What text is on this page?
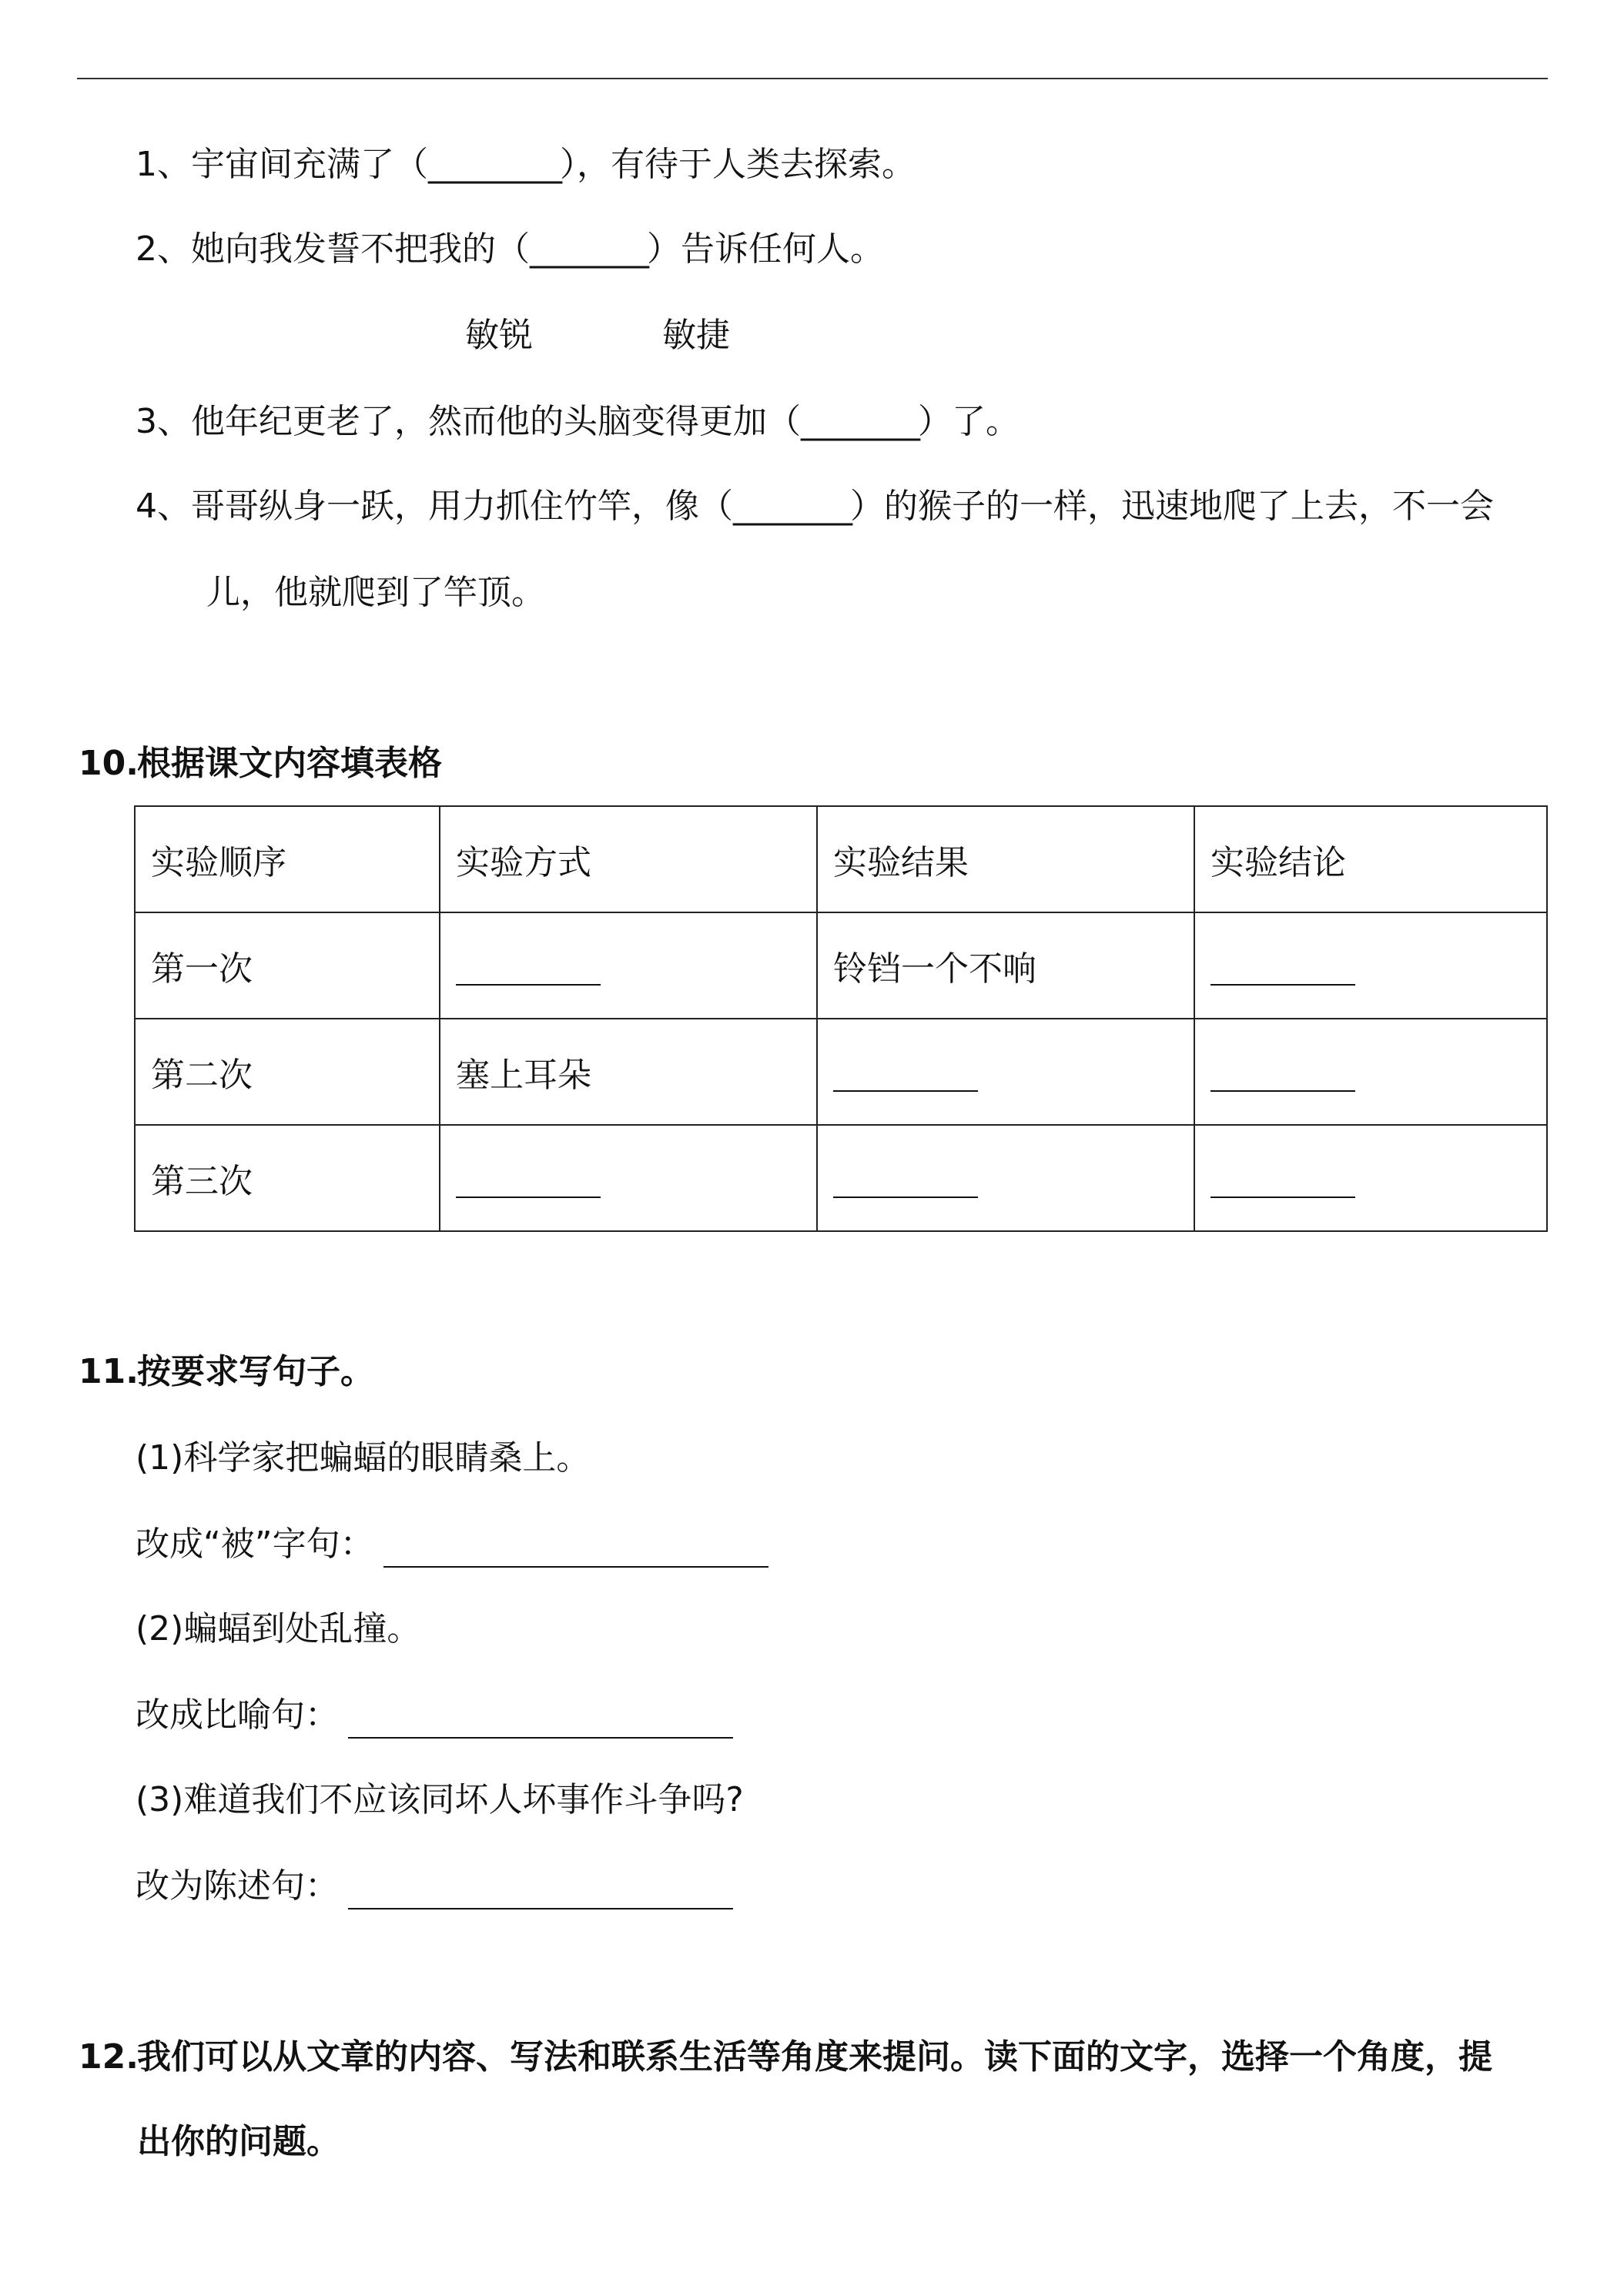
1、宇宙间充满了（_________），有待于人类去探索。
2、她向我发誓不把我的（________）告诉任何人。
敏锐	敏捷
3、他年纪更老了，然而他的头脑变得更加（________）了。
4、哥哥纵身一跃，用力抓住竹竿，像（________）的猴子的一样，迅速地爬了上去，不一会
儿，他就爬到了竿顶。
10.根据课文内容填表格
实验顺序	实验方式	实验结果	实验结论
第一次		铃铛一个不响	
第二次	塞上耳朵		
第三次			
11.按要求写句子。
(1)科学家把蝙蝠的眼睛桑上。
改成“被”字句：
(2)蝙蝠到处乱撞。
改成比喻句：
(3)难道我们不应该同坏人坏事作斗争吗?
改为陈述句：
12.我们可以从文章的内容、写法和联系生活等角度来提问。读下面的文字，选择一个角度，提
出你的问题。
